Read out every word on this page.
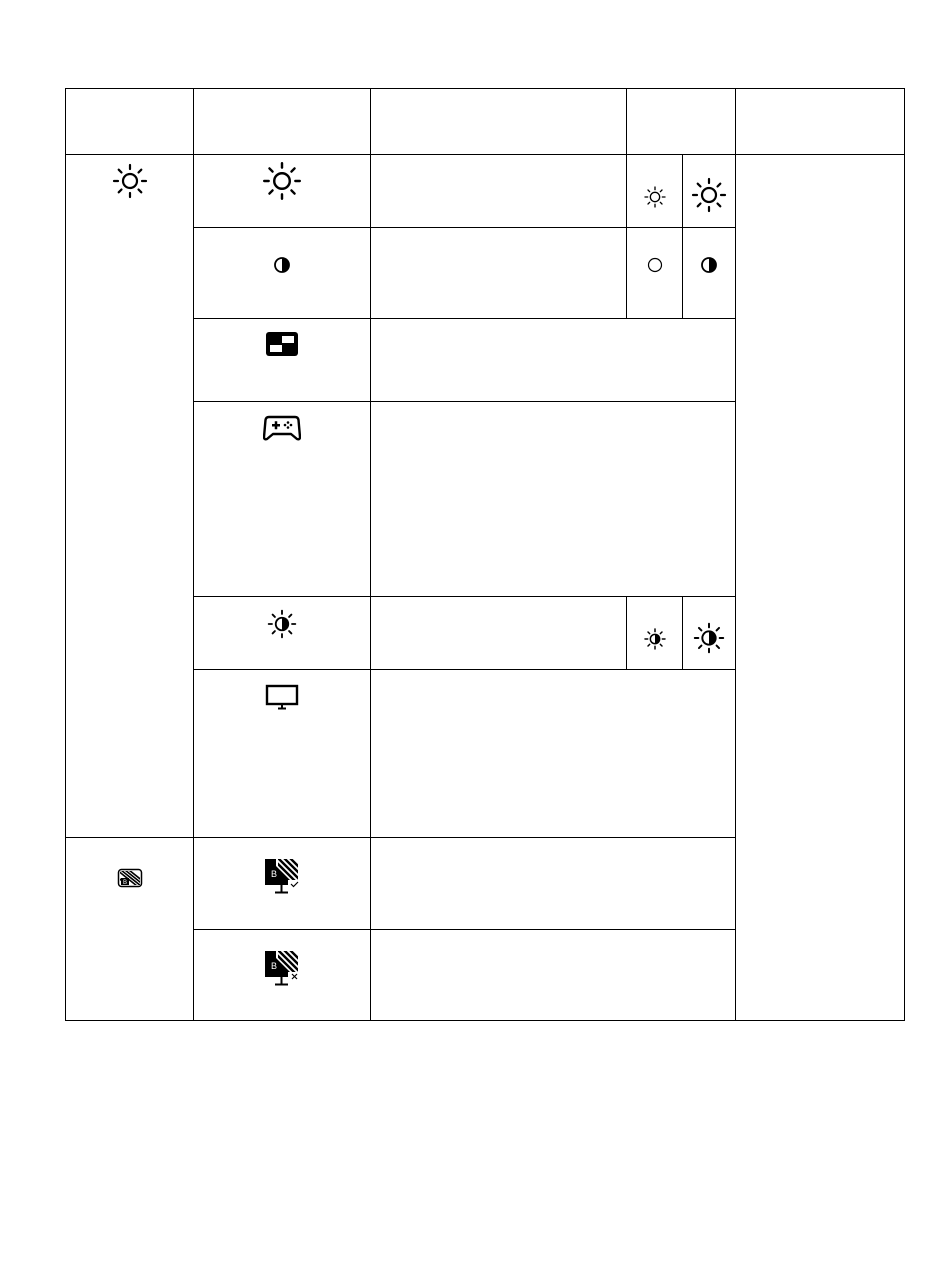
B	B				

B				
